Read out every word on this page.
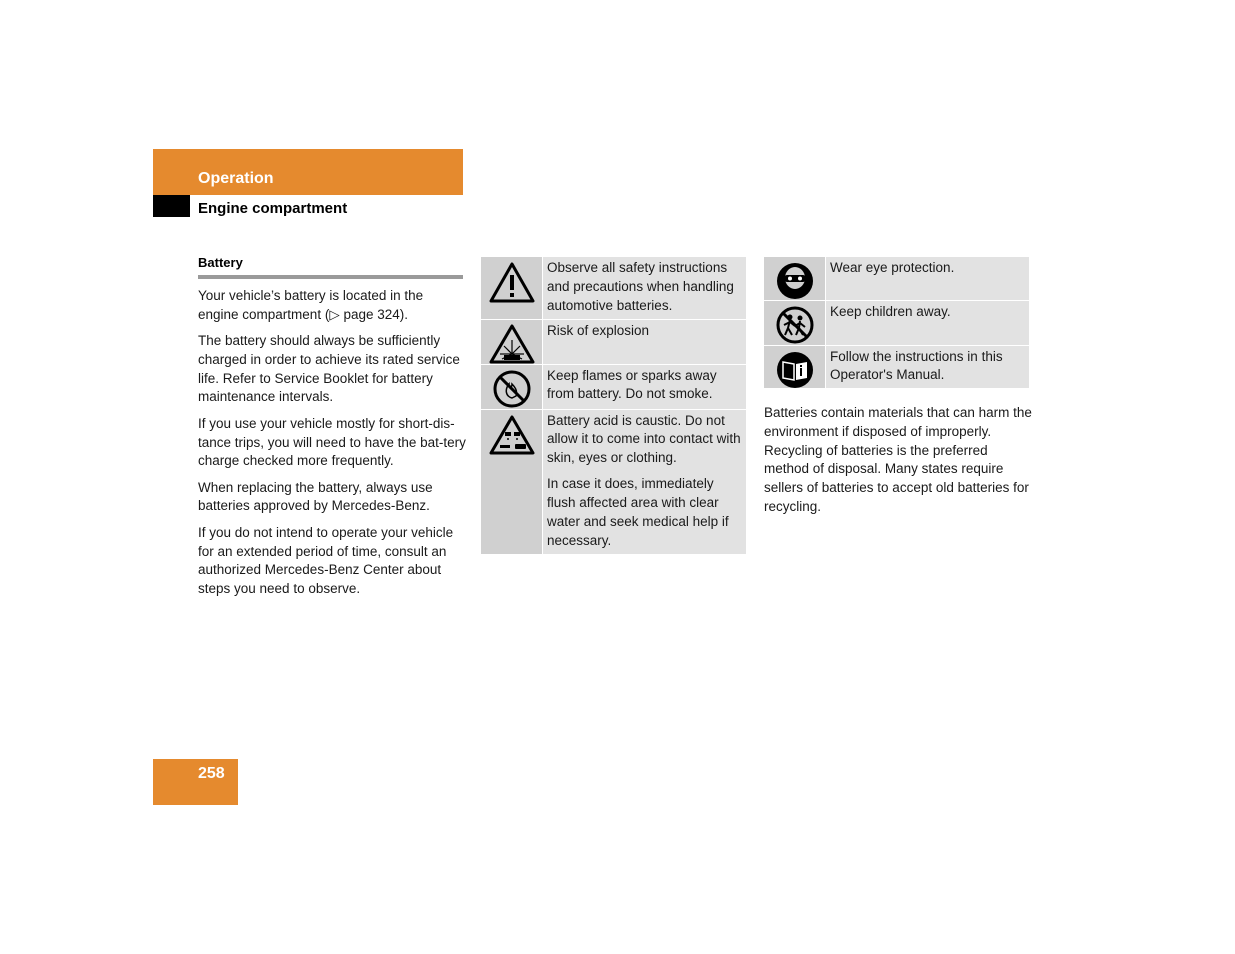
Operation
Engine compartment
Battery

Your vehicle’s battery is located in the engine compartment (▷ page 324).

The battery should always be sufficiently charged in order to achieve its rated service life. Refer to Service Booklet for battery maintenance intervals.

If you use your vehicle mostly for short-dis-tance trips, you will need to have the bat-tery charge checked more frequently.

When replacing the battery, always use batteries approved by Mercedes-Benz.

If you do not intend to operate your vehicle for an extended period of time, consult an authorized Mercedes-Benz Center about steps you need to observe.

Observe all safety instructions and precautions when handling automotive batteries.

Risk of explosion

Keep flames or sparks away from battery. Do not smoke.

Battery acid is caustic. Do not allow it to come into contact with skin, eyes or clothing.

In case it does, immediately flush affected area with clear water and seek medical help if necessary.

Wear eye protection.

Keep children away.

Follow the instructions in this Operator's Manual.

Batteries contain materials that can harm the environment if disposed of improperly. Recycling of batteries is the preferred method of disposal. Many states require sellers of batteries to accept old batteries for recycling.

258
